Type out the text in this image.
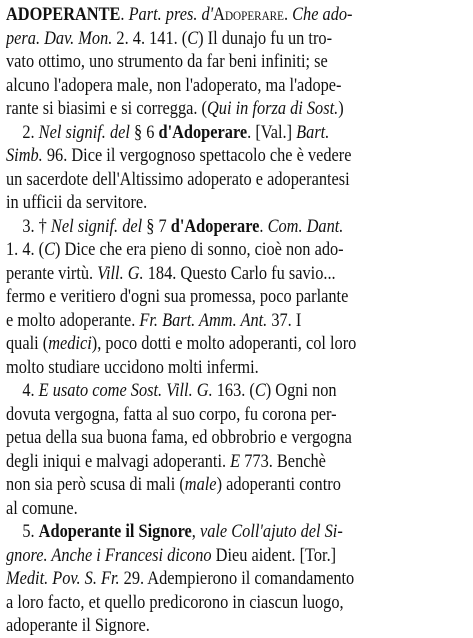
ADOPERANTE. Part. pres. d'Adoperare. Che ado-
pera. Dav. Mon. 2. 4. 141. (C) Il dunajo fu un tro-
vato ottimo, uno strumento da far beni infiniti; se
alcuno l'adopera male, non l'adoperato, ma l'adope-
rante si biasimi e si corregga. (Qui in forza di Sost.)
2. Nel signif. del § 6 d'Adoperare. [Val.] Bart.
Simb. 96. Dice il vergognoso spettacolo che è vedere
un sacerdote dell'Altissimo adoperato e adoperantesi
in ufficii da servitore.
3. † Nel signif. del § 7 d'Adoperare. Com. Dant.
1. 4. (C) Dice che era pieno di sonno, cioè non ado-
perante virtù. Vill. G. 184. Questo Carlo fu savio...
fermo e veritiero d'ogni sua promessa, poco parlante
e molto adoperante. Fr. Bart. Amm. Ant. 37. I
quali (medici), poco dotti e molto adoperanti, col loro
molto studiare uccidono molti infermi.
4. E usato come Sost. Vill. G. 163. (C) Ogni non
dovuta vergogna, fatta al suo corpo, fu corona per-
petua della sua buona fama, ed obbrobrio e vergogna
degli iniqui e malvagi adoperanti. E 773. Benchè
non sia però scusa di mali (male) adoperanti contro
al comune.
5. Adoperante il Signore, vale Coll'ajuto del Si-
gnore. Anche i Francesi dicono Dieu aident. [Tor.]
Medit. Pov. S. Fr. 29. Adempierono il comandamento
a loro facto, et quello predicorono in ciascun luogo,
adoperante il Signore.
